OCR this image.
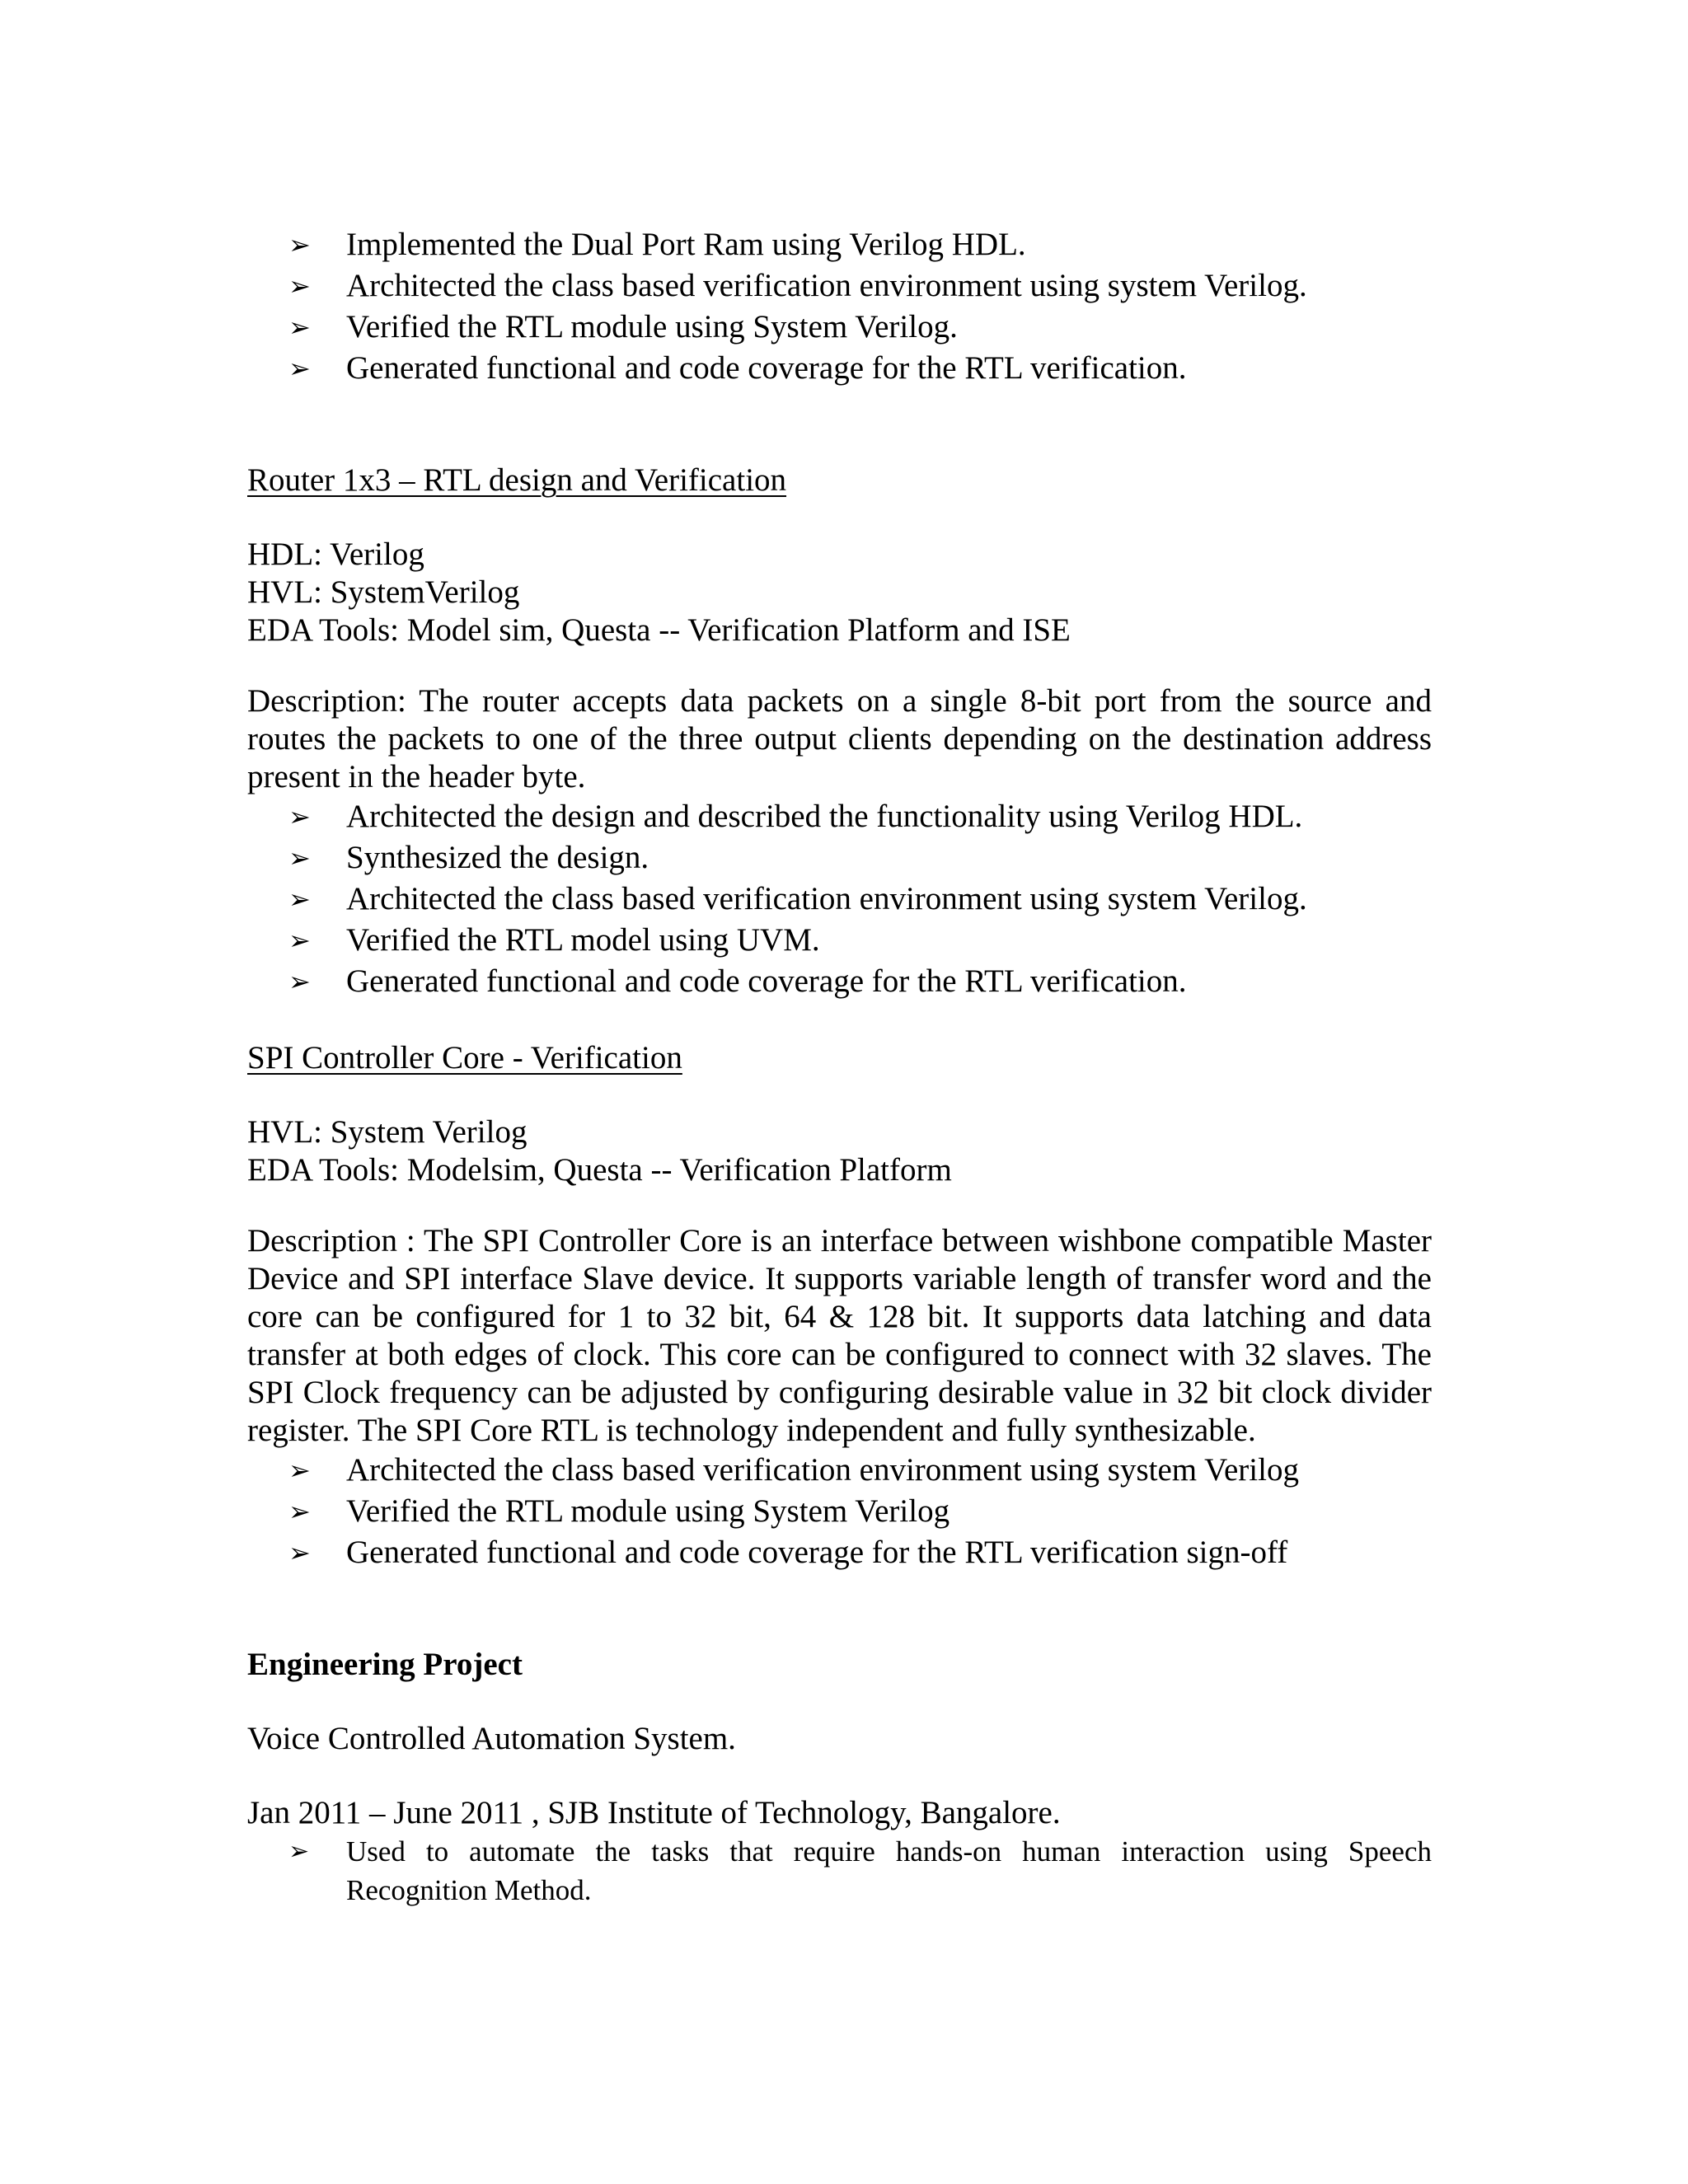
➢ Implemented the Dual Port Ram using Verilog HDL.
➢ Architected the class based verification environment using system Verilog.
➢ Verified the RTL module using System Verilog.
➢ Generated functional and code coverage for the RTL verification.

Router 1x3 – RTL design and Verification

HDL: Verilog

HVL: SystemVerilog

EDA Tools: Model sim, Questa -- Verification Platform and ISE

Description: The router accepts data packets on a single 8-bit port from the source and routes the packets to one of the three output clients depending on the destination address present in the header byte.

➢ Architected the design and described the functionality using Verilog HDL.
➢ Synthesized the design.
➢ Architected the class based verification environment using system Verilog.
➢ Verified the RTL model using UVM.
➢ Generated functional and code coverage for the RTL verification.

SPI Controller Core - Verification

HVL: System Verilog

EDA Tools: Modelsim, Questa -- Verification Platform

Description : The SPI Controller Core is an interface between wishbone compatible Master Device and SPI interface Slave device. It supports variable length of transfer word and the core can be configured for 1 to 32 bit, 64 & 128 bit. It supports data latching and data transfer at both edges of clock. This core can be configured to connect with 32 slaves. The SPI Clock frequency can be adjusted by configuring desirable value in 32 bit clock divider register. The SPI Core RTL is technology independent and fully synthesizable.

➢ Architected the class based verification environment using system Verilog
➢ Verified the RTL module using System Verilog
➢ Generated functional and code coverage for the RTL verification sign-off

Engineering Project

Voice Controlled Automation System.

Jan 2011 – June 2011 , SJB Institute of Technology, Bangalore.

➢ Used to automate the tasks that require hands-on human interaction using Speech Recognition Method.
